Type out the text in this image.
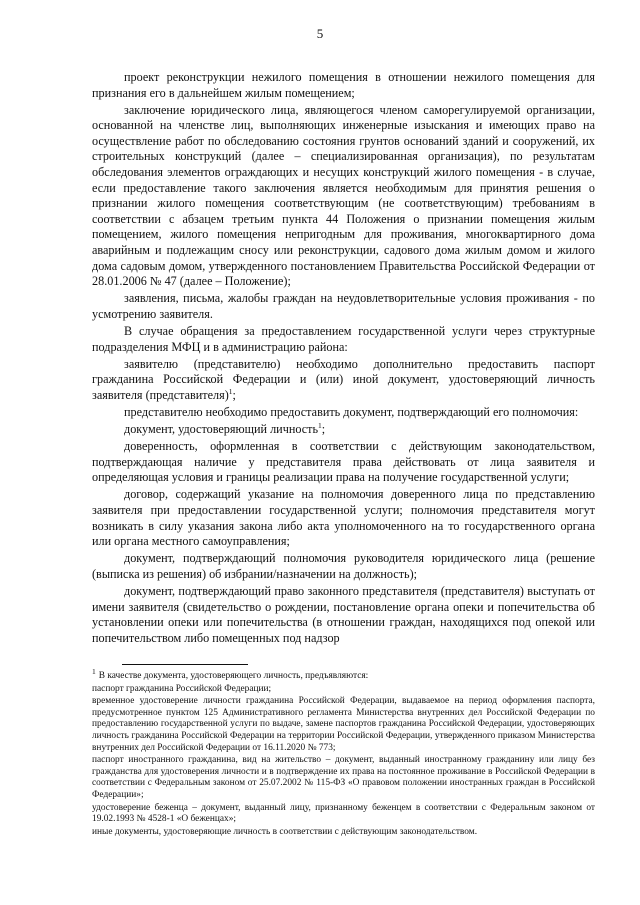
5

проект реконструкции нежилого помещения в отношении нежилого помещения для признания его в дальнейшем жилым помещением;

заключение юридического лица, являющегося членом саморегулируемой организации, основанной на членстве лиц, выполняющих инженерные изыскания и имеющих право на осуществление работ по обследованию состояния грунтов оснований зданий и сооружений, их строительных конструкций (далее – специализированная организация), по результатам обследования элементов ограждающих и несущих конструкций жилого помещения - в случае, если предоставление такого заключения является необходимым для принятия решения о признании жилого помещения соответствующим (не соответствующим) требованиям в соответствии с абзацем третьим пункта 44 Положения о признании помещения жилым помещением, жилого помещения непригодным для проживания, многоквартирного дома аварийным и подлежащим сносу или реконструкции, садового дома жилым домом и жилого дома садовым домом, утвержденного постановлением Правительства Российской Федерации от 28.01.2006 № 47 (далее – Положение);

заявления, письма, жалобы граждан на неудовлетворительные условия проживания - по усмотрению заявителя.

В случае обращения за предоставлением государственной услуги через структурные подразделения МФЦ и в администрацию района:

заявителю (представителю) необходимо дополнительно предоставить паспорт гражданина Российской Федерации и (или) иной документ, удостоверяющий личность заявителя (представителя)$^1$;

представителю необходимо предоставить документ, подтверждающий его полномочия:

документ, удостоверяющий личность$^1$;

доверенность, оформленная в соответствии с действующим законодательством, подтверждающая наличие у представителя права действовать от лица заявителя и определяющая условия и границы реализации права на получение государственной услуги;

договор, содержащий указание на полномочия доверенного лица по представлению заявителя при предоставлении государственной услуги; полномочия представителя могут возникать в силу указания закона либо акта уполномоченного на то государственного органа или органа местного самоуправления;

документ, подтверждающий полномочия руководителя юридического лица (решение (выписка из решения) об избрании/назначении на должность);

документ, подтверждающий право законного представителя (представителя) выступать от имени заявителя (свидетельство о рождении, постановление органа опеки и попечительства об установлении опеки или попечительства (в отношении граждан, находящихся под опекой или попечительством либо помещенных под надзор

$^1$ В качестве документа, удостоверяющего личность, предъявляются:

паспорт гражданина Российской Федерации;

временное удостоверение личности гражданина Российской Федерации, выдаваемое на период оформления паспорта, предусмотренное пунктом 125 Административного регламента Министерства внутренних дел Российской Федерации по предоставлению государственной услуги по выдаче, замене паспортов гражданина Российской Федерации, удостоверяющих личность гражданина Российской Федерации на территории Российской Федерации, утвержденного приказом Министерства внутренних дел Российской Федерации от 16.11.2020 № 773;

паспорт иностранного гражданина, вид на жительство – документ, выданный иностранному гражданину или лицу без гражданства для удостоверения личности и в подтверждение их права на постоянное проживание в Российской Федерации в соответствии с Федеральным законом от 25.07.2002 № 115-ФЗ «О правовом положении иностранных граждан в Российской Федерации»;

удостоверение беженца – документ, выданный лицу, признанному беженцем в соответствии с Федеральным законом от 19.02.1993 № 4528-1 «О беженцах»;

иные документы, удостоверяющие личность в соответствии с действующим законодательством.
